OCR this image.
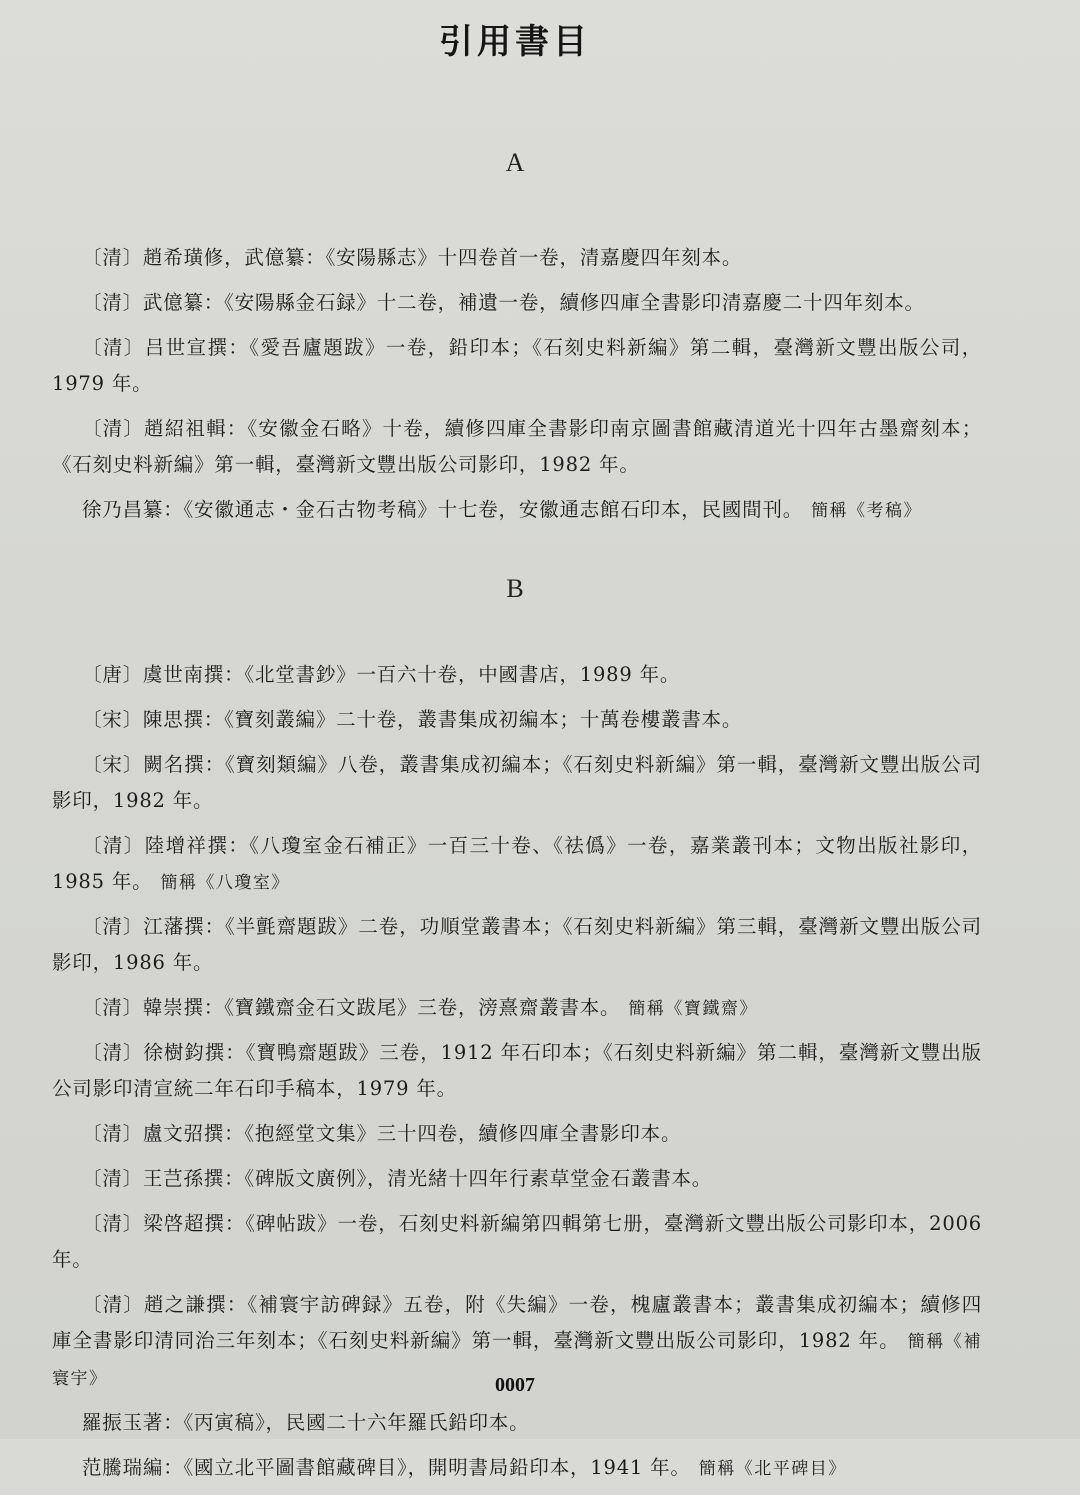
引用書目
A

〔清〕趙希璜修，武億纂：《安陽縣志》十四卷首一卷，清嘉慶四年刻本。

〔清〕武億纂：《安陽縣金石録》十二卷，補遺一卷，續修四庫全書影印清嘉慶二十四年刻本。

〔清〕吕世宣撰：《愛吾廬題跋》一卷，鉛印本；《石刻史料新編》第二輯，臺灣新文豐出版公司，1979 年。

〔清〕趙紹祖輯：《安徽金石略》十卷，續修四庫全書影印南京圖書館藏清道光十四年古墨齋刻本；《石刻史料新編》第一輯，臺灣新文豐出版公司影印，1982 年。

徐乃昌纂：《安徽通志・金石古物考稿》十七卷，安徽通志館石印本，民國間刊。 簡稱《考稿》

B

〔唐〕虞世南撰：《北堂書鈔》一百六十卷，中國書店，1989 年。

〔宋〕陳思撰：《寶刻叢編》二十卷，叢書集成初編本；十萬卷樓叢書本。

〔宋〕闕名撰：《寶刻類編》八卷，叢書集成初編本；《石刻史料新編》第一輯，臺灣新文豐出版公司影印，1982 年。

〔清〕陸增祥撰：《八瓊室金石補正》一百三十卷、《祛僞》一卷，嘉業叢刊本；文物出版社影印，1985 年。 簡稱《八瓊室》

〔清〕江藩撰：《半氈齋題跋》二卷，功順堂叢書本；《石刻史料新編》第三輯，臺灣新文豐出版公司影印，1986 年。

〔清〕韓崇撰：《寶鐵齋金石文跋尾》三卷，滂熹齋叢書本。 簡稱《寶鐵齋》

〔清〕徐樹鈞撰：《寶鴨齋題跋》三卷，1912 年石印本；《石刻史料新編》第二輯，臺灣新文豐出版公司影印清宣統二年石印手稿本，1979 年。

〔清〕盧文弨撰：《抱經堂文集》三十四卷，續修四庫全書影印本。

〔清〕王芑孫撰：《碑版文廣例》，清光緒十四年行素草堂金石叢書本。

〔清〕梁啓超撰：《碑帖跋》一卷，石刻史料新編第四輯第七册，臺灣新文豐出版公司影印本，2006 年。

〔清〕趙之謙撰：《補寰宇訪碑録》五卷，附《失編》一卷，槐廬叢書本；叢書集成初編本；續修四庫全書影印清同治三年刻本；《石刻史料新編》第一輯，臺灣新文豐出版公司影印，1982 年。 簡稱《補寰宇》

羅振玉著：《丙寅稿》，民國二十六年羅氏鉛印本。

范騰瑞編：《國立北平圖書館藏碑目》，開明書局鉛印本，1941 年。 簡稱《北平碑目》

0007
